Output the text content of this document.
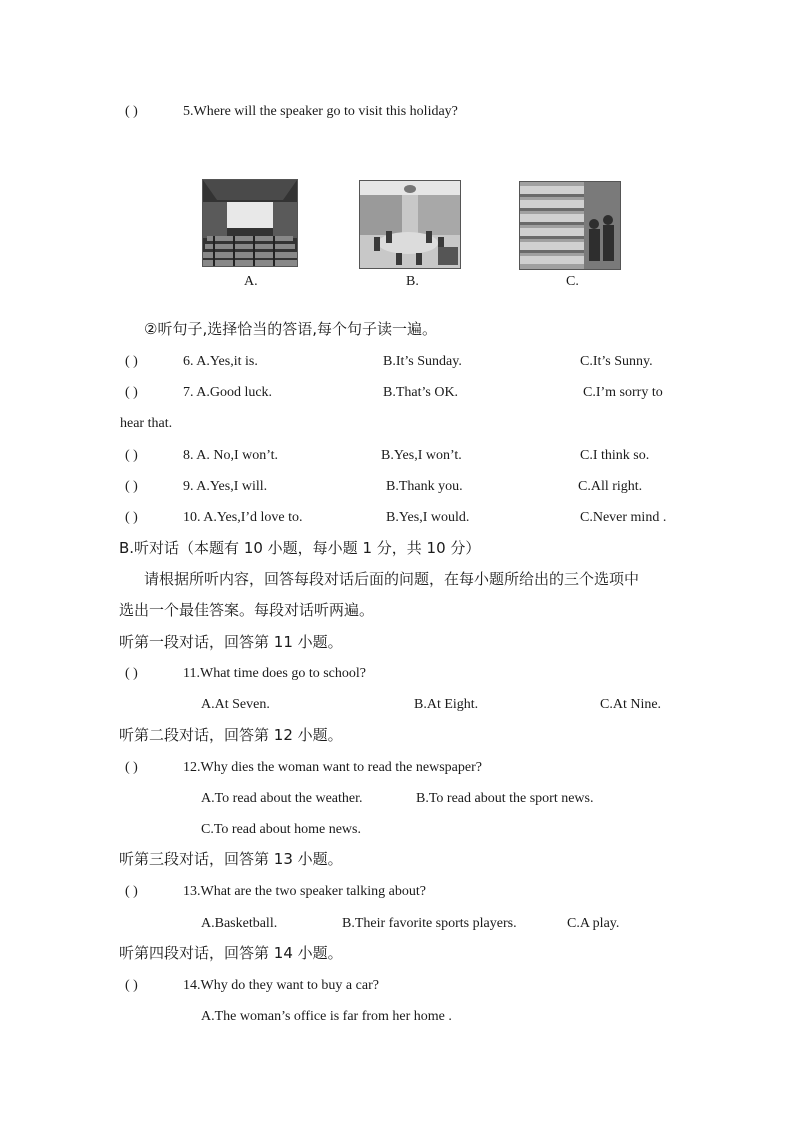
( )	5.Where will the speaker go to visit this holiday?
A.	B.	C.
②听句子,选择恰当的答语,每个句子读一遍。
( )	6. A.Yes,it is.	B.It’s Sunday.	C.It’s Sunny.
( )	7. A.Good luck.	B.That’s OK.	C.I’m sorry to
hear that.
( )	8. A. No,I won’t.	B.Yes,I won’t.	C.I think so.
( )	9. A.Yes,I will.	B.Thank you.	C.All right.
( )	10. A.Yes,I’d love to.	B.Yes,I would.	C.Never mind .
B.听对话（本题有 10 小题，每小题 1 分，共 10 分）
请根据所听内容，回答每段对话后面的问题，在每小题所给出的三个选项中
选出一个最佳答案。每段对话听两遍。
听第一段对话，回答第 11 小题。
( )	11.What time does go to school?
A.At Seven.	B.At Eight.	C.At Nine.
听第二段对话，回答第 12 小题。
( )	12.Why dies the woman want to read the newspaper?
A.To read about the weather.	B.To read about the sport news.
C.To read about home news.
听第三段对话，回答第 13 小题。
( )	13.What are the two speaker talking about?
A.Basketball.	B.Their favorite sports players.	C.A play.
听第四段对话，回答第 14 小题。
( )	14.Why do they want to buy a car?
A.The woman’s office is far from her home .
